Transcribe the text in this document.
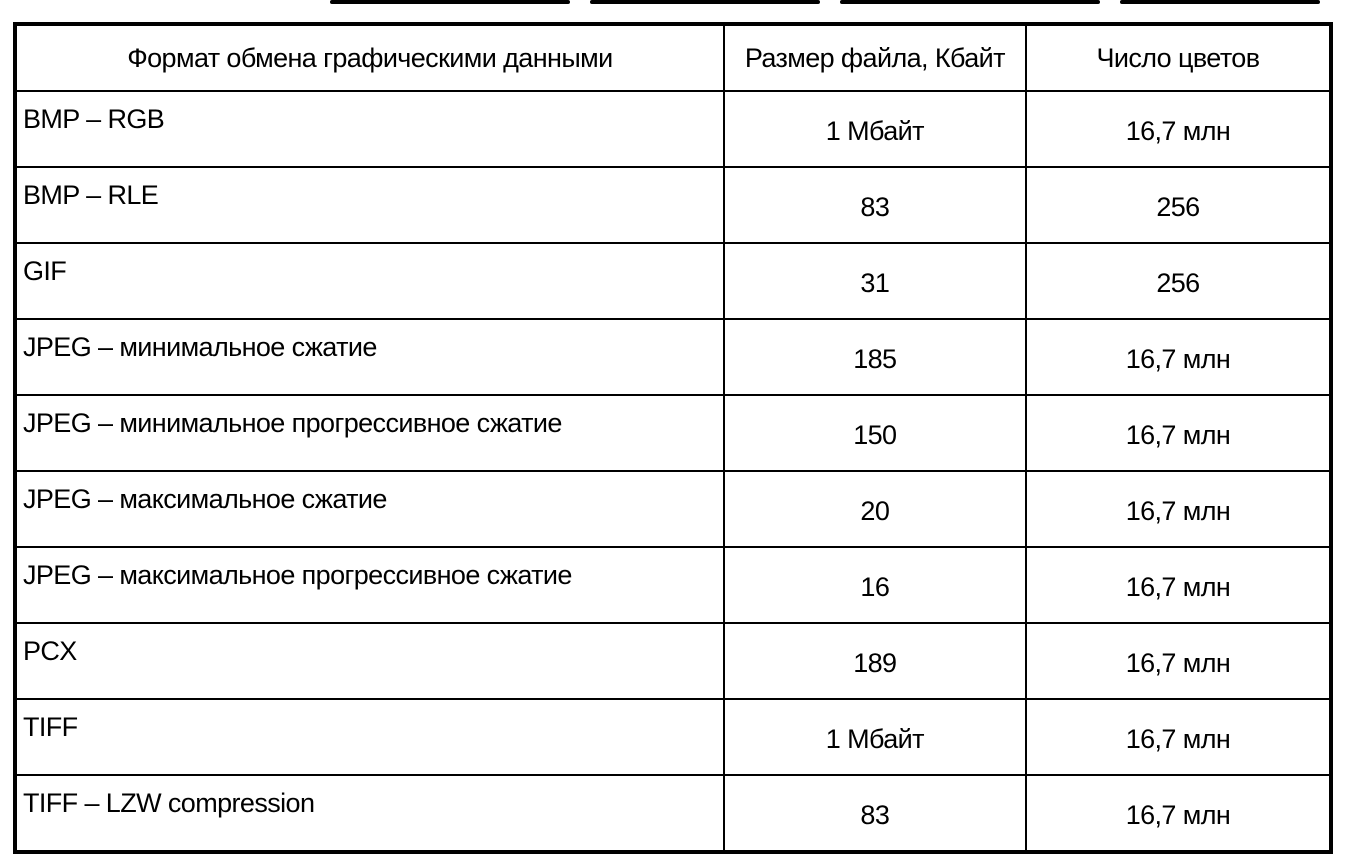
Формат обмена графическими данными	Размер файла, Кбайт	Число цветов
BMP – RGB	1 Мбайт	16,7 млн
BMP – RLE	83	256
GIF	31	256
JPEG – минимальное сжатие	185	16,7 млн
JPEG – минимальное прогрессивное сжатие	150	16,7 млн
JPEG – максимальное сжатие	20	16,7 млн
JPEG – максимальное прогрессивное сжатие	16	16,7 млн
PCX	189	16,7 млн
TIFF	1 Мбайт	16,7 млн
TIFF – LZW compression	83	16,7 млн
